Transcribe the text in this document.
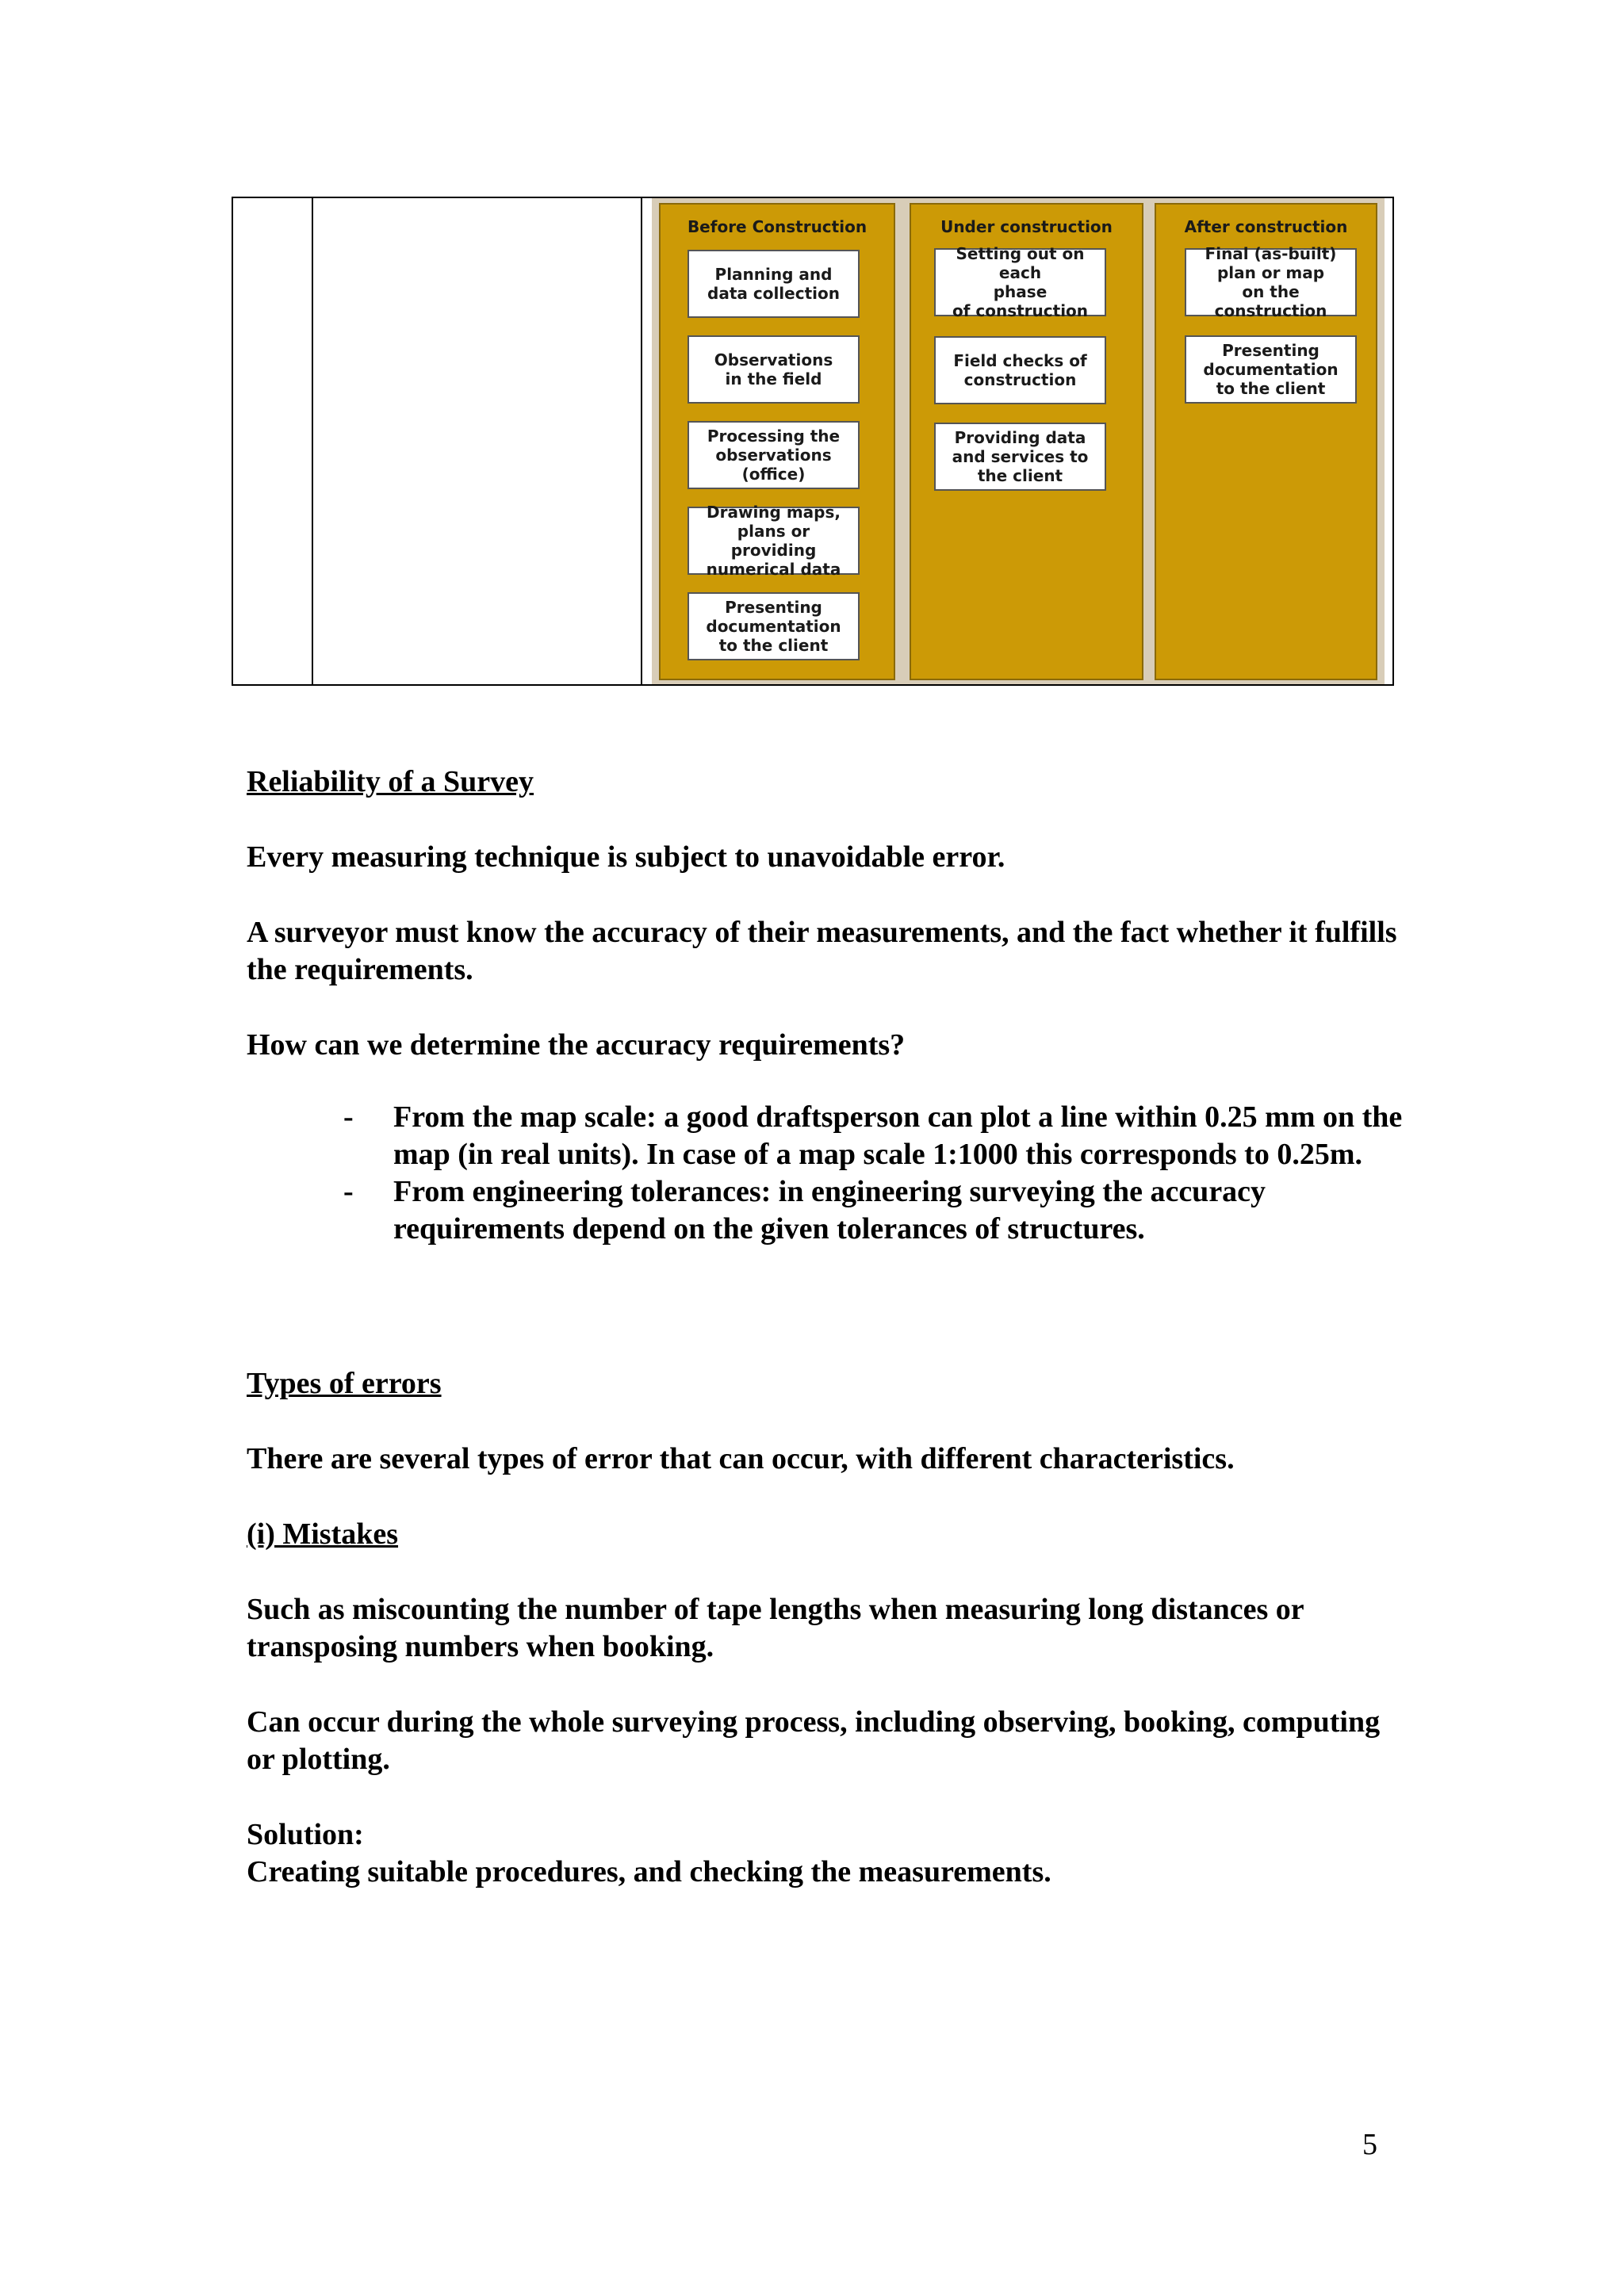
Before Construction
Planning and
data collection
Observations
in the field
Processing the
observations
(office)
Drawing maps,
plans or providing
numerical data
Presenting
documentation
to the client
Under construction
Setting out on each
phase
of construction
Field checks of
construction
Providing data
and services to
the client
After construction
Final (as-built)
plan or map
on the construction
Presenting
documentation
to the client

Reliability of a Survey

Every measuring technique is subject to unavoidable error.

A surveyor must know the accuracy of their measurements, and the fact whether it fulfills the requirements.

How can we determine the accuracy requirements?

- From the map scale: a good draftsperson can plot a line within 0.25 mm on the map (in real units). In case of a map scale 1:1000 this corresponds to 0.25m.
- From engineering tolerances: in engineering surveying the accuracy requirements depend on the given tolerances of structures.

Types of errors

There are several types of error that can occur, with different characteristics.

(i) Mistakes

Such as miscounting the number of tape lengths when measuring long distances or transposing numbers when booking.

Can occur during the whole surveying process, including observing, booking, computing or plotting.

Solution:

Creating suitable procedures, and checking the measurements.

5
